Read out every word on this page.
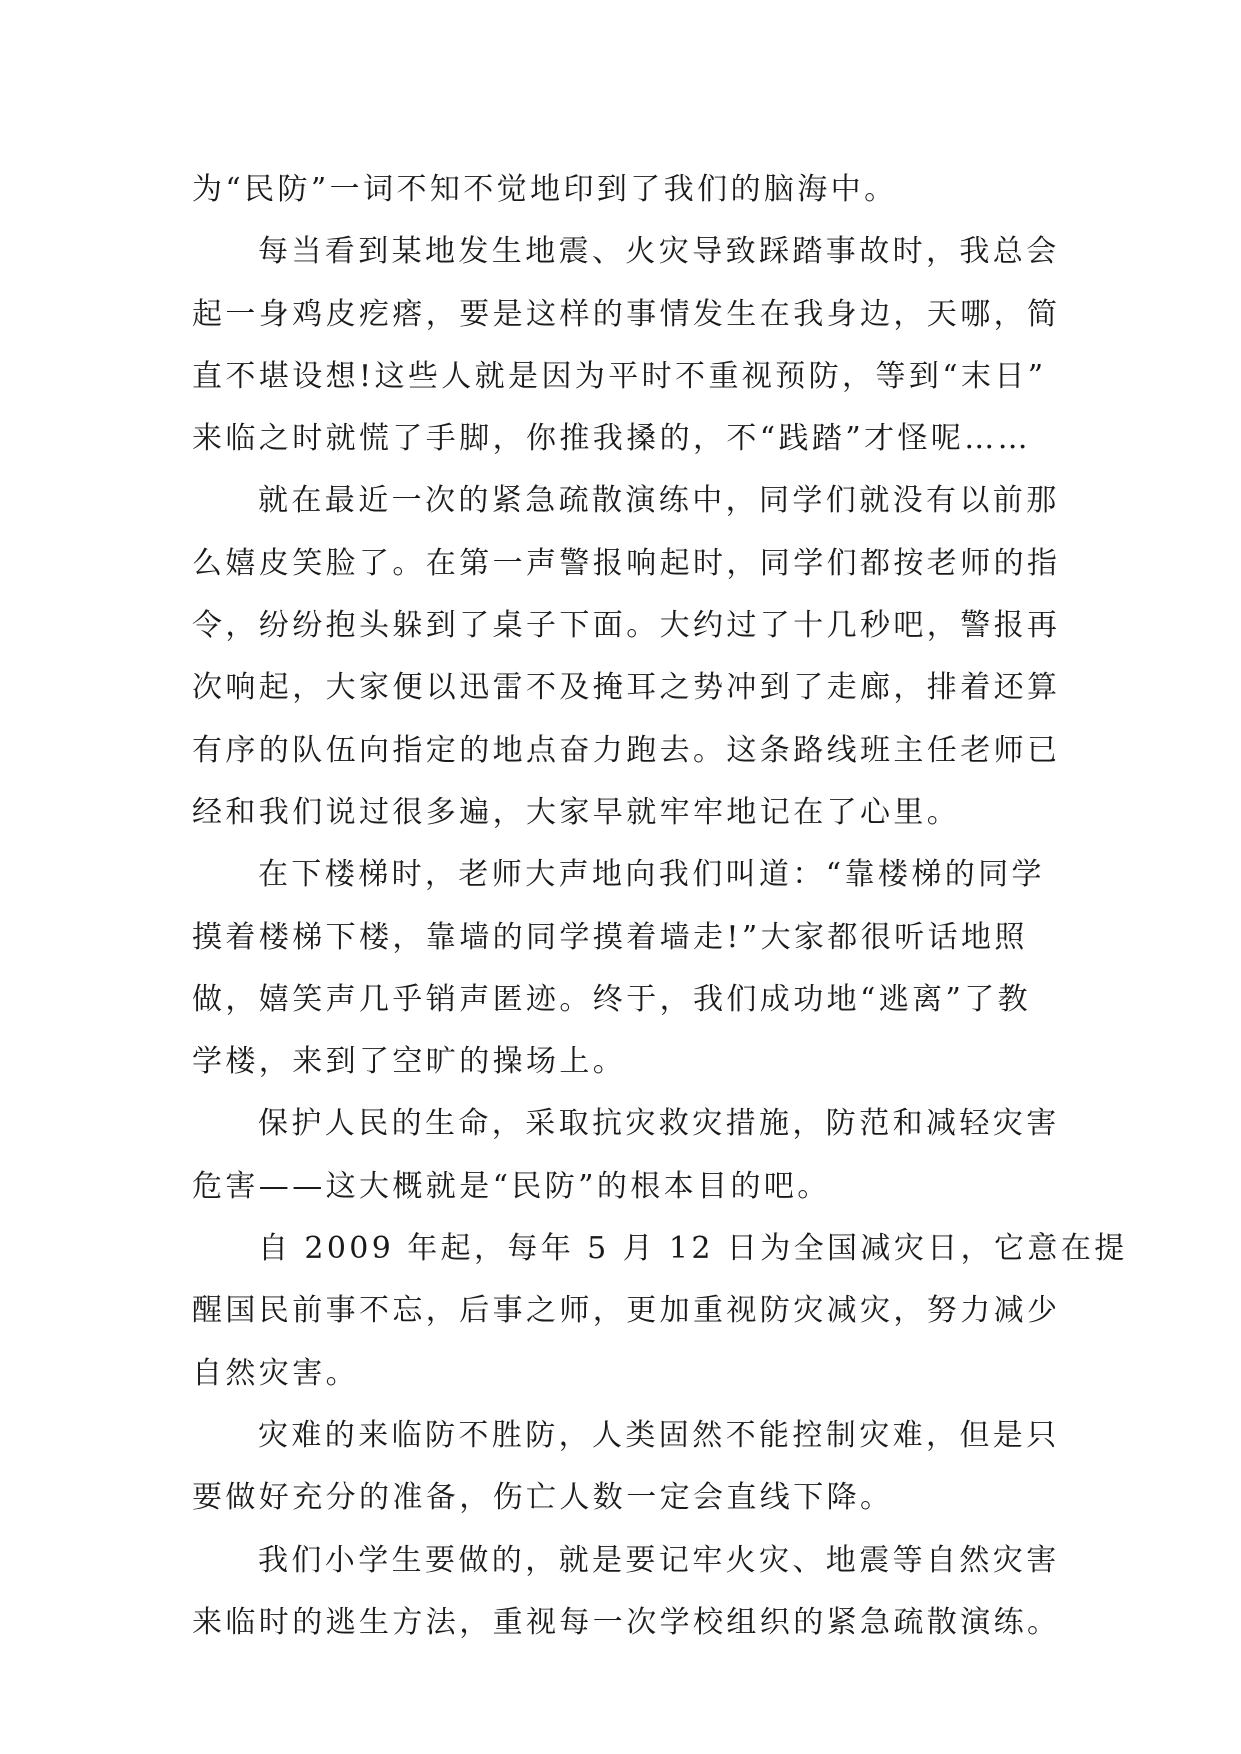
为“民防”一词不知不觉地印到了我们的脑海中。
每当看到某地发生地震、火灾导致踩踏事故时，我总会
起一身鸡皮疙瘩，要是这样的事情发生在我身边，天哪，简
直不堪设想!这些人就是因为平时不重视预防，等到“末日”
来临之时就慌了手脚，你推我搡的，不“践踏”才怪呢……
就在最近一次的紧急疏散演练中，同学们就没有以前那
么嬉皮笑脸了。在第一声警报响起时，同学们都按老师的指
令，纷纷抱头躲到了桌子下面。大约过了十几秒吧，警报再
次响起，大家便以迅雷不及掩耳之势冲到了走廊，排着还算
有序的队伍向指定的地点奋力跑去。这条路线班主任老师已
经和我们说过很多遍，大家早就牢牢地记在了心里。
在下楼梯时，老师大声地向我们叫道：“靠楼梯的同学
摸着楼梯下楼，靠墙的同学摸着墙走!”大家都很听话地照
做，嬉笑声几乎销声匿迹。终于，我们成功地“逃离”了教
学楼，来到了空旷的操场上。
保护人民的生命，采取抗灾救灾措施，防范和减轻灾害
危害——这大概就是“民防”的根本目的吧。
自 2009 年起，每年 5 月 12 日为全国减灾日，它意在提
醒国民前事不忘，后事之师，更加重视防灾减灾，努力减少
自然灾害。
灾难的来临防不胜防，人类固然不能控制灾难，但是只
要做好充分的准备，伤亡人数一定会直线下降。
我们小学生要做的，就是要记牢火灾、地震等自然灾害
来临时的逃生方法，重视每一次学校组织的紧急疏散演练。
